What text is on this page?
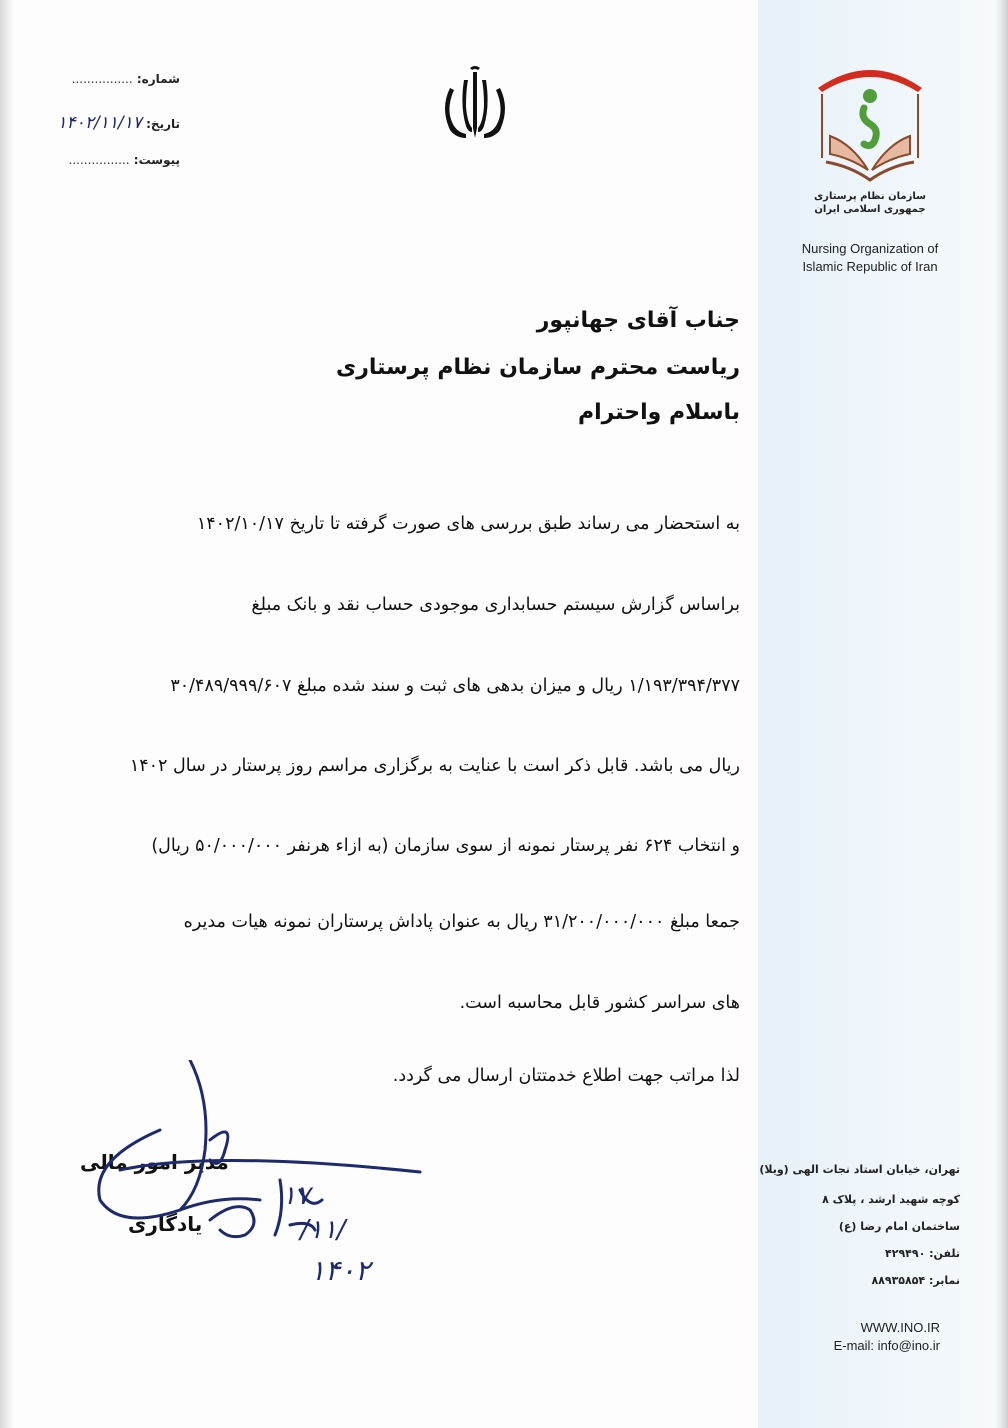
شماره: ................
تاریخ: ۱۴۰۲/۱۱/۱۷
پیوست: ................
سازمان نظام پرستاری
جمهوری اسلامی ایران
Nursing Organization of
Islamic Republic of Iran
جناب آقای جهانپور
ریاست محترم سازمان نظام پرستاری
باسلام واحترام
به استحضار می رساند طبق بررسی های صورت گرفته تا تاریخ ۱۴۰۲/۱۰/۱۷
براساس گزارش سیستم حسابداری موجودی حساب نقد و بانک مبلغ
۱/۱۹۳/۳۹۴/۳۷۷ ریال و میزان بدهی های ثبت و سند شده مبلغ ۳۰/۴۸۹/۹۹۹/۶۰۷
ریال می باشد. قابل ذکر است با عنایت به برگزاری مراسم روز پرستار در سال ۱۴۰۲
و انتخاب ۶۲۴ نفر پرستار نمونه از سوی سازمان (به ازاء هرنفر ۵۰/۰۰۰/۰۰۰ ریال)
جمعا مبلغ ۳۱/۲۰۰/۰۰۰/۰۰۰ ریال به عنوان پاداش پرستاران نمونه هیات مدیره
های سراسر کشور قابل محاسبه است.
لذا مراتب جهت اطلاع خدمتتان ارسال می گردد.
مدیر امور مالی
یادگاری
۱۷
/۱۱/
۱۴۰۲
تهران، خیابان استاد نجات الهی (ویلا)
کوچه شهید ارشد ، پلاک ۸
ساختمان امام رضا (ع)
تلفن: ۴۲۹۴۹۰
نمابر: ۸۸۹۳۵۸۵۴
WWW.INO.IR
E-mail: info@ino.ir
